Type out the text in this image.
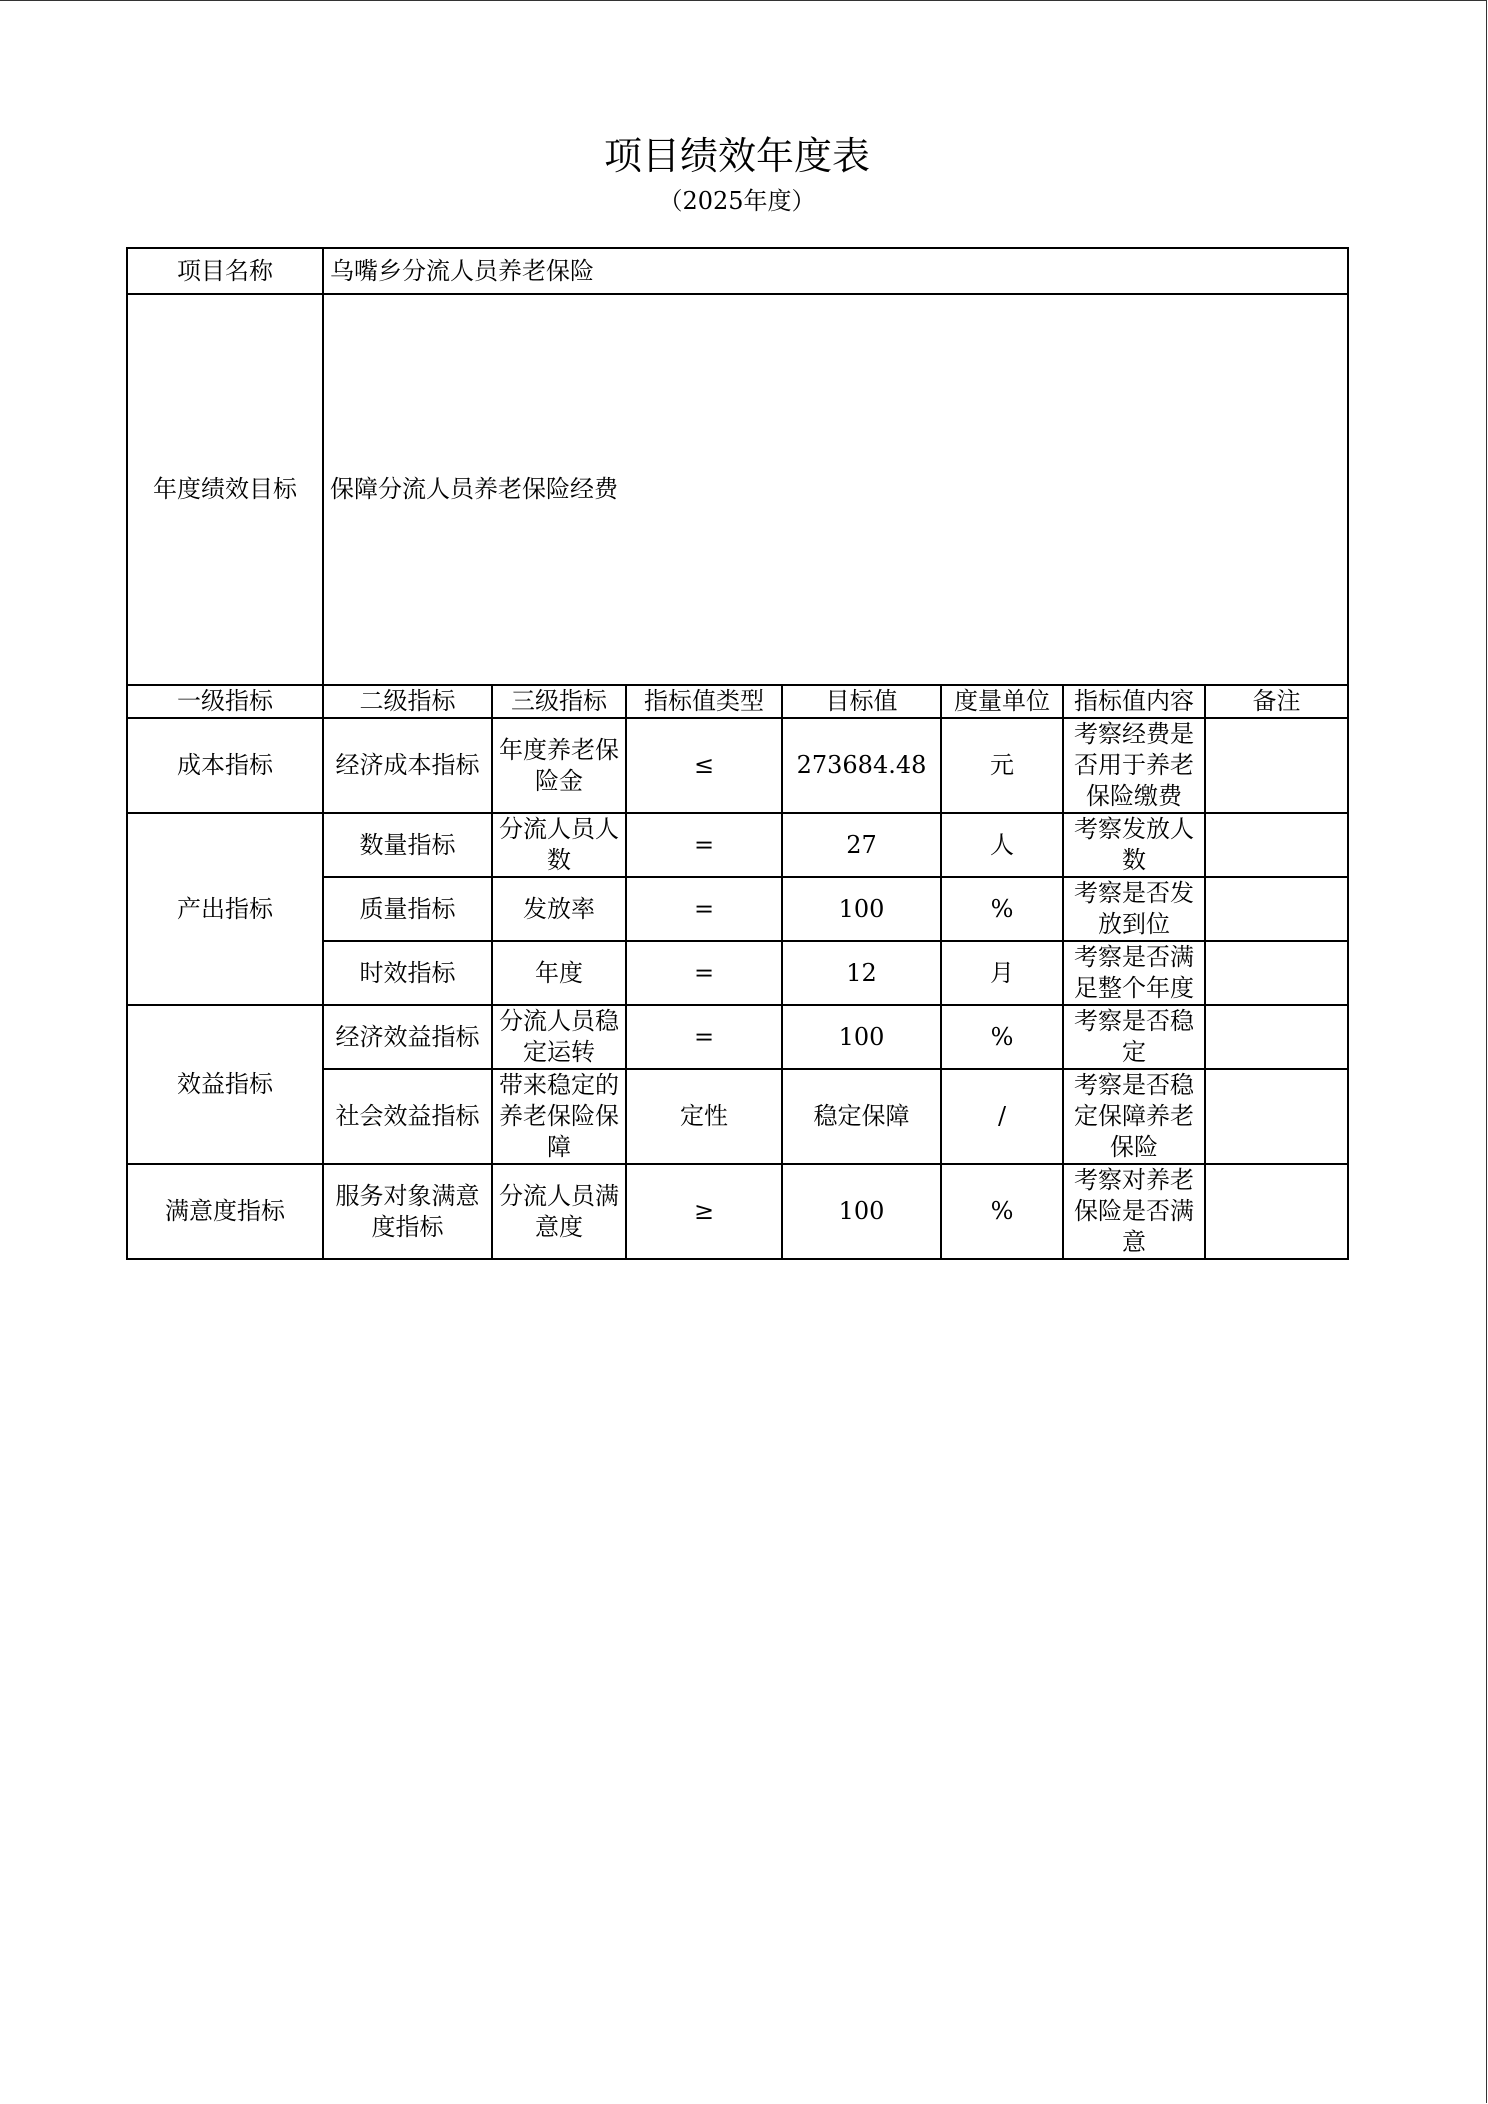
项目绩效年度表
（2025年度）
项目名称	乌嘴乡分流人员养老保险						
年度绩效目标	保障分流人员养老保险经费						
一级指标	二级指标	三级指标	指标值类型	目标值	度量单位	指标值内容	备注
成本指标	经济成本指标	年度养老保险金	≤	273684.48	元	考察经费是否用于养老保险缴费	
产出指标	数量指标	分流人员人数	=	27	人	考察发放人数	
	质量指标	发放率	=	100	%	考察是否发放到位	
	时效指标	年度	=	12	月	考察是否满足整个年度	
效益指标	经济效益指标	分流人员稳定运转	=	100	%	考察是否稳定	
	社会效益指标	带来稳定的养老保险保障	定性	稳定保障	/	考察是否稳定保障养老保险	
满意度指标	服务对象满意度指标	分流人员满意度	≥	100	%	考察对养老保险是否满意	
